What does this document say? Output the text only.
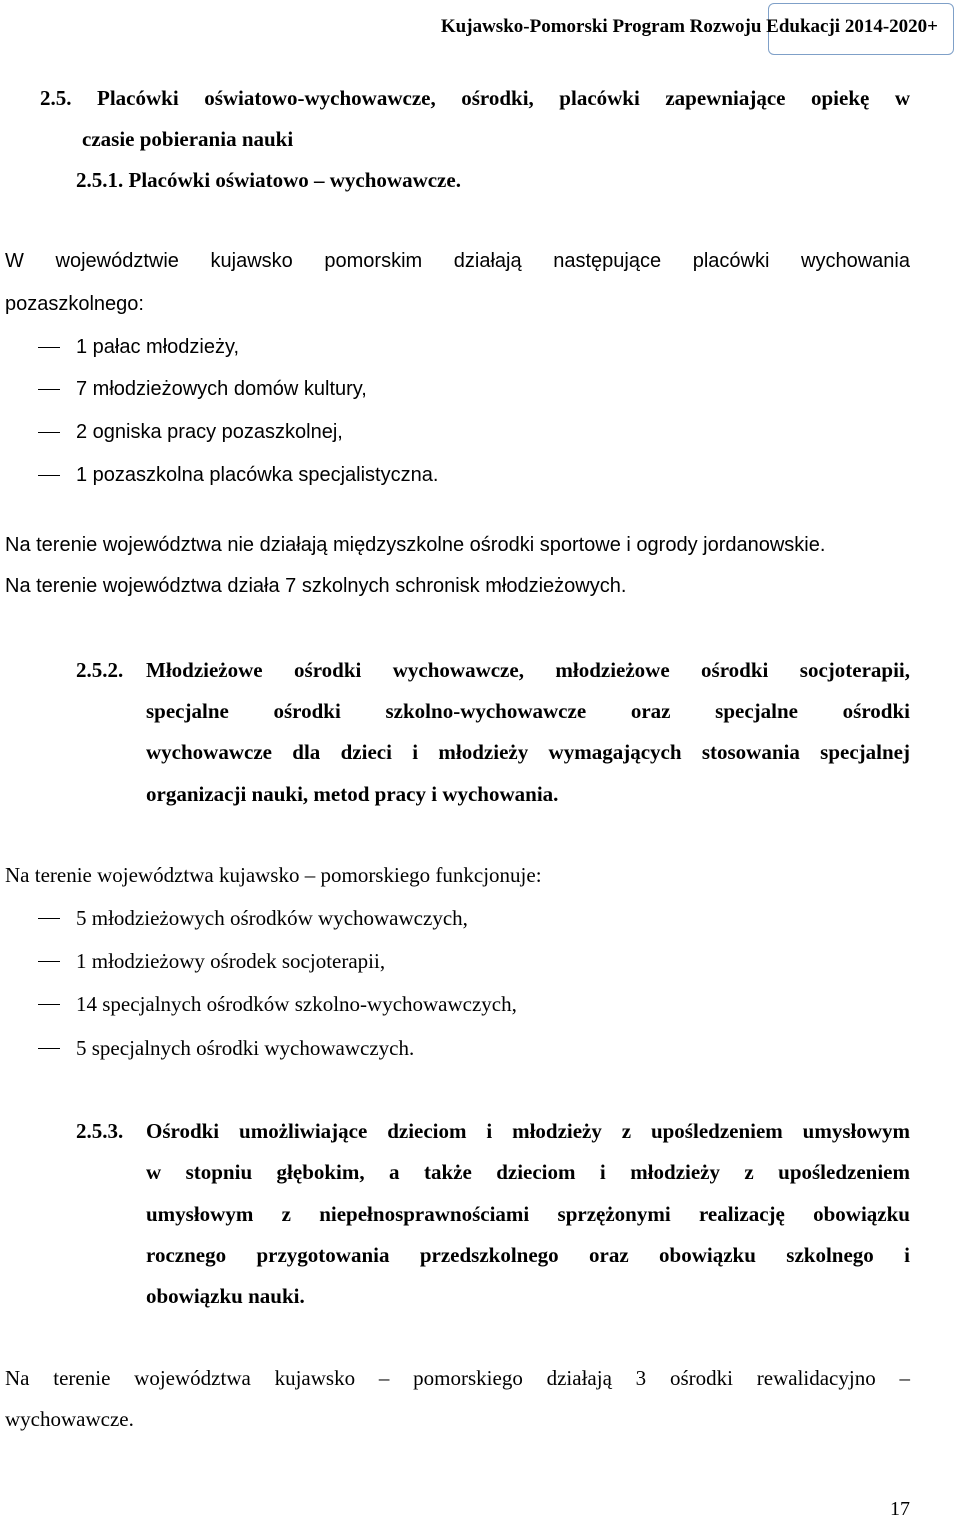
Kujawsko-Pomorski Program Rozwoju Edukacji 2014-2020+
2.5. Placówki oświatowo-wychowawcze, ośrodki, placówki zapewniające opiekę w
czasie pobierania nauki
2.5.1. Placówki oświatowo – wychowawcze.
W województwie kujawsko pomorskim działają następujące placówki wychowania
pozaszkolnego:
1 pałac młodzieży,
7 młodzieżowych domów kultury,
2 ogniska pracy pozaszkolnej,
1 pozaszkolna placówka specjalistyczna.
Na terenie województwa nie działają międzyszkolne ośrodki sportowe i ogrody jordanowskie.
Na terenie województwa działa 7 szkolnych schronisk młodzieżowych.
2.5.2. Młodzieżowe ośrodki wychowawcze, młodzieżowe ośrodki socjoterapii,
specjalne ośrodki szkolno-wychowawcze oraz specjalne ośrodki
wychowawcze dla dzieci i młodzieży wymagających stosowania specjalnej
organizacji nauki, metod pracy i wychowania.
Na terenie województwa kujawsko – pomorskiego funkcjonuje:
5 młodzieżowych ośrodków wychowawczych,
1 młodzieżowy ośrodek socjoterapii,
14 specjalnych ośrodków szkolno-wychowawczych,
5 specjalnych ośrodki wychowawczych.
2.5.3. Ośrodki umożliwiające dzieciom i młodzieży z upośledzeniem umysłowym
w stopniu głębokim, a także dzieciom i młodzieży z upośledzeniem
umysłowym z niepełnosprawnościami sprzężonymi realizację obowiązku
rocznego przygotowania przedszkolnego oraz obowiązku szkolnego i
obowiązku nauki.
Na terenie województwa kujawsko – pomorskiego działają 3 ośrodki rewalidacyjno –
wychowawcze.
17
